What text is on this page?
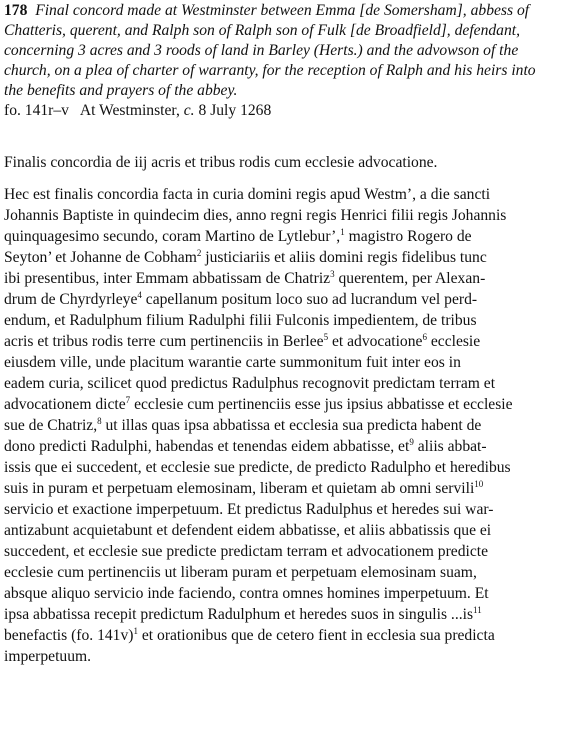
178 Final concord made at Westminster between Emma [de Somersham], abbess of
Chatteris, querent, and Ralph son of Ralph son of Fulk [de Broadfield], defendant,
concerning 3 acres and 3 roods of land in Barley (Herts.) and the advowson of the
church, on a plea of charter of warranty, for the reception of Ralph and his heirs into
the benefits and prayers of the abbey.
fo. 141r–v At Westminster, c. 8 July 1268
Finalis concordia de iij acris et tribus rodis cum ecclesie advocatione.
Hec est finalis concordia facta in curia domini regis apud Westm’, a die sancti
Johannis Baptiste in quindecim dies, anno regni regis Henrici filii regis Johannis
quinquagesimo secundo, coram Martino de Lytlebur’,$^1$ magistro Rogero de
Seyton’ et Johanne de Cobham$^2$ justiciariis et aliis domini regis fidelibus tunc
ibi presentibus, inter Emmam abbatissam de Chatriz$^3$ querentem, per Alexan-
drum de Chyrdyrleye$^4$ capellanum positum loco suo ad lucrandum vel perd-
endum, et Radulphum filium Radulphi filii Fulconis impedientem, de tribus
acris et tribus rodis terre cum pertinenciis in Berlee$^5$ et advocatione$^6$ ecclesie
eiusdem ville, unde placitum warantie carte summonitum fuit inter eos in
eadem curia, scilicet quod predictus Radulphus recognovit predictam terram et
advocationem dicte$^7$ ecclesie cum pertinenciis esse jus ipsius abbatisse et ecclesie
sue de Chatriz,$^8$ ut illas quas ipsa abbatissa et ecclesia sua predicta habent de
dono predicti Radulphi, habendas et tenendas eidem abbatisse, $et^9$ aliis abbat-
issis que ei succedent, et ecclesie sue predicte, de predicto Radulpho et heredibus
suis in puram et perpetuam elemosinam, liberam et quietam ab omni servili$^{10}$
servicio et exactione imperpetuum. Et predictus Radulphus et heredes sui war-
antizabunt acquietabunt et defendent eidem abbatisse, et aliis abbatissis que ei
succedent, et ecclesie sue predicte predictam terram et advocationem predicte
ecclesie cum pertinenciis ut liberam puram et perpetuam elemosinam suam,
absque aliquo servicio inde faciendo, contra omnes homines imperpetuum. Et
ipsa abbatissa recepit predictum Radulphum et heredes suos in singulis $...is^{11}$
benefactis (fo. 141v)$^1$ et orationibus que de cetero fient in ecclesia sua predicta
imperpetuum.
